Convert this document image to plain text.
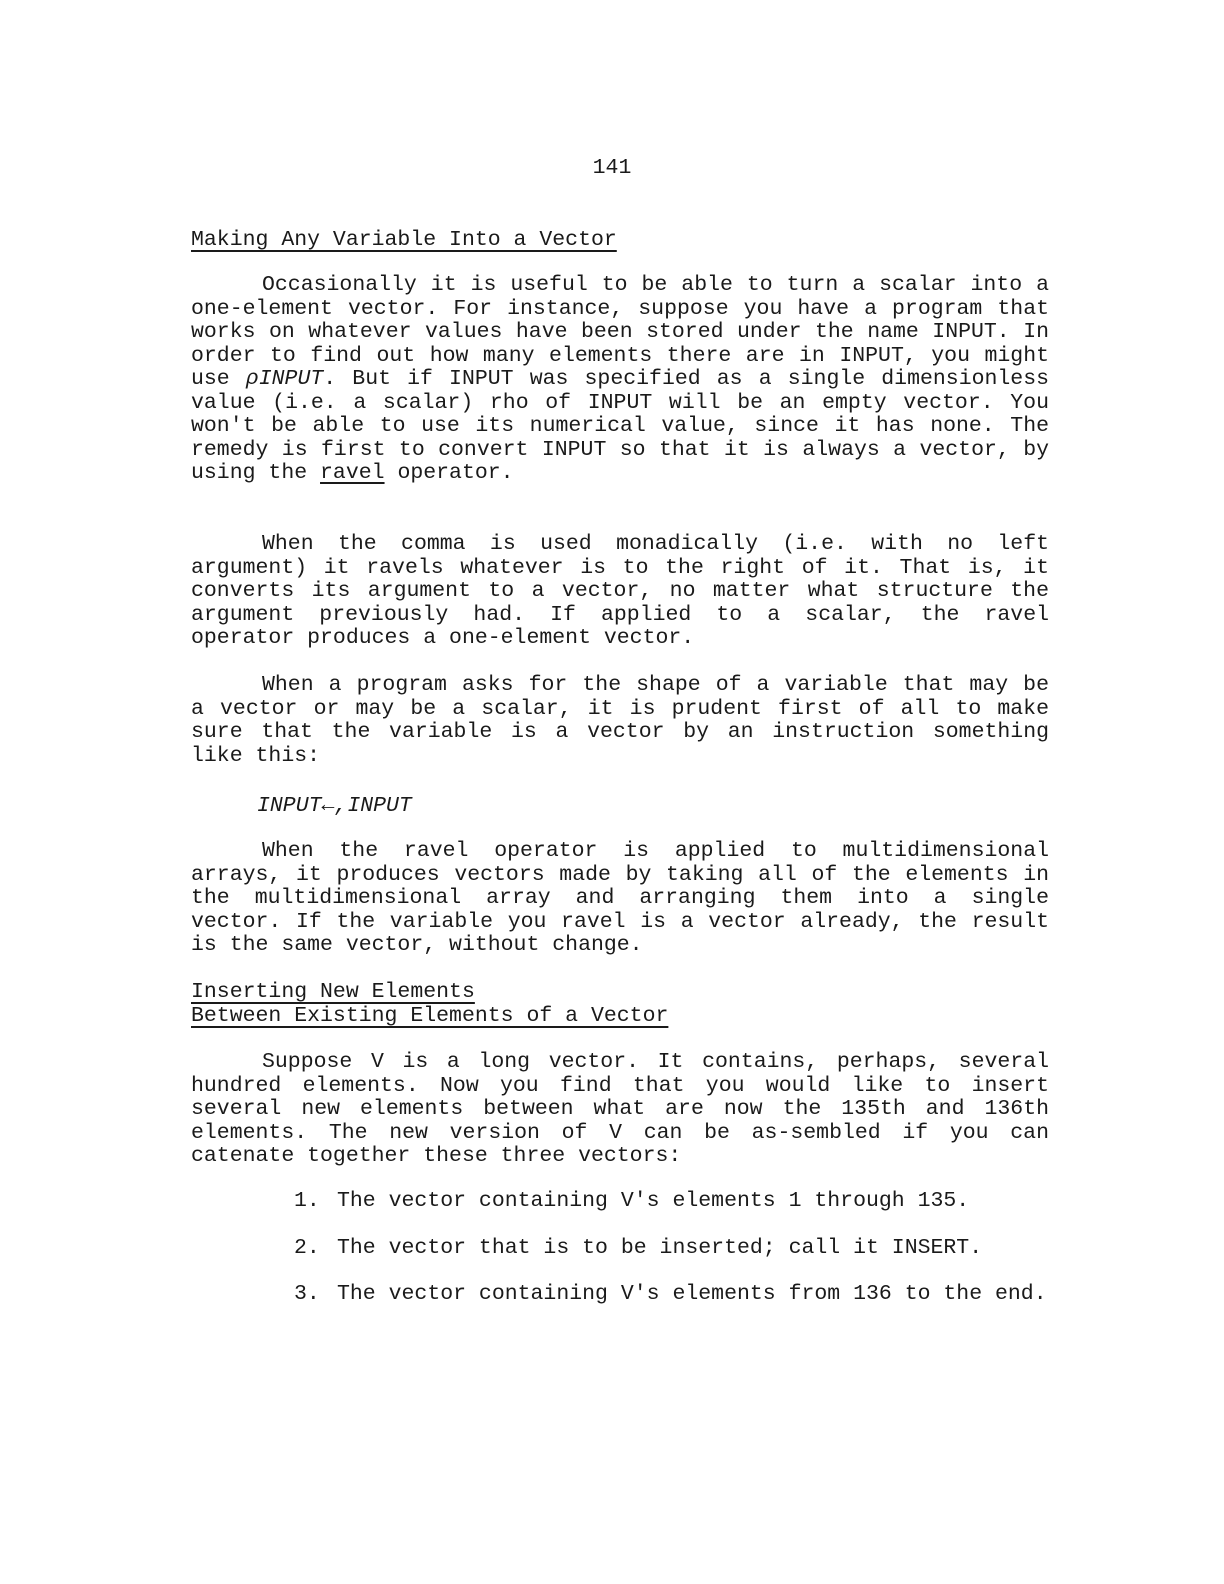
141

Making Any Variable Into a Vector

Occasionally it is useful to be able to turn a scalar into a one-element vector. For instance, suppose you have a program that works on whatever values have been stored under the name INPUT. In order to find out how many elements there are in INPUT, you might use ρINPUT. But if INPUT was specified as a single dimensionless value (i.e. a scalar) rho of INPUT will be an empty vector. You won't be able to use its numerical value, since it has none. The remedy is first to convert INPUT so that it is always a vector, by using the ravel operator.

When the comma is used monadically (i.e. with no left argument) it ravels whatever is to the right of it. That is, it converts its argument to a vector, no matter what structure the argument previously had. If applied to a scalar, the ravel operator produces a one-element vector.

When a program asks for the shape of a variable that may be a vector or may be a scalar, it is prudent first of all to make sure that the variable is a vector by an instruction something like this:

INPUT←,INPUT

When the ravel operator is applied to multidimensional arrays, it produces vectors made by taking all of the elements in the multidimensional array and arranging them into a single vector. If the variable you ravel is a vector already, the result is the same vector, without change.

Inserting New Elements

Between Existing Elements of a Vector

Suppose V is a long vector. It contains, perhaps, several hundred elements. Now you find that you would like to insert several new elements between what are now the 135th and 136th elements. The new version of V can be as-sembled if you can catenate together these three vectors:

1. The vector containing V's elements 1 through 135.
2. The vector that is to be inserted; call it INSERT.
3. The vector containing V's elements from 136 to the end.
